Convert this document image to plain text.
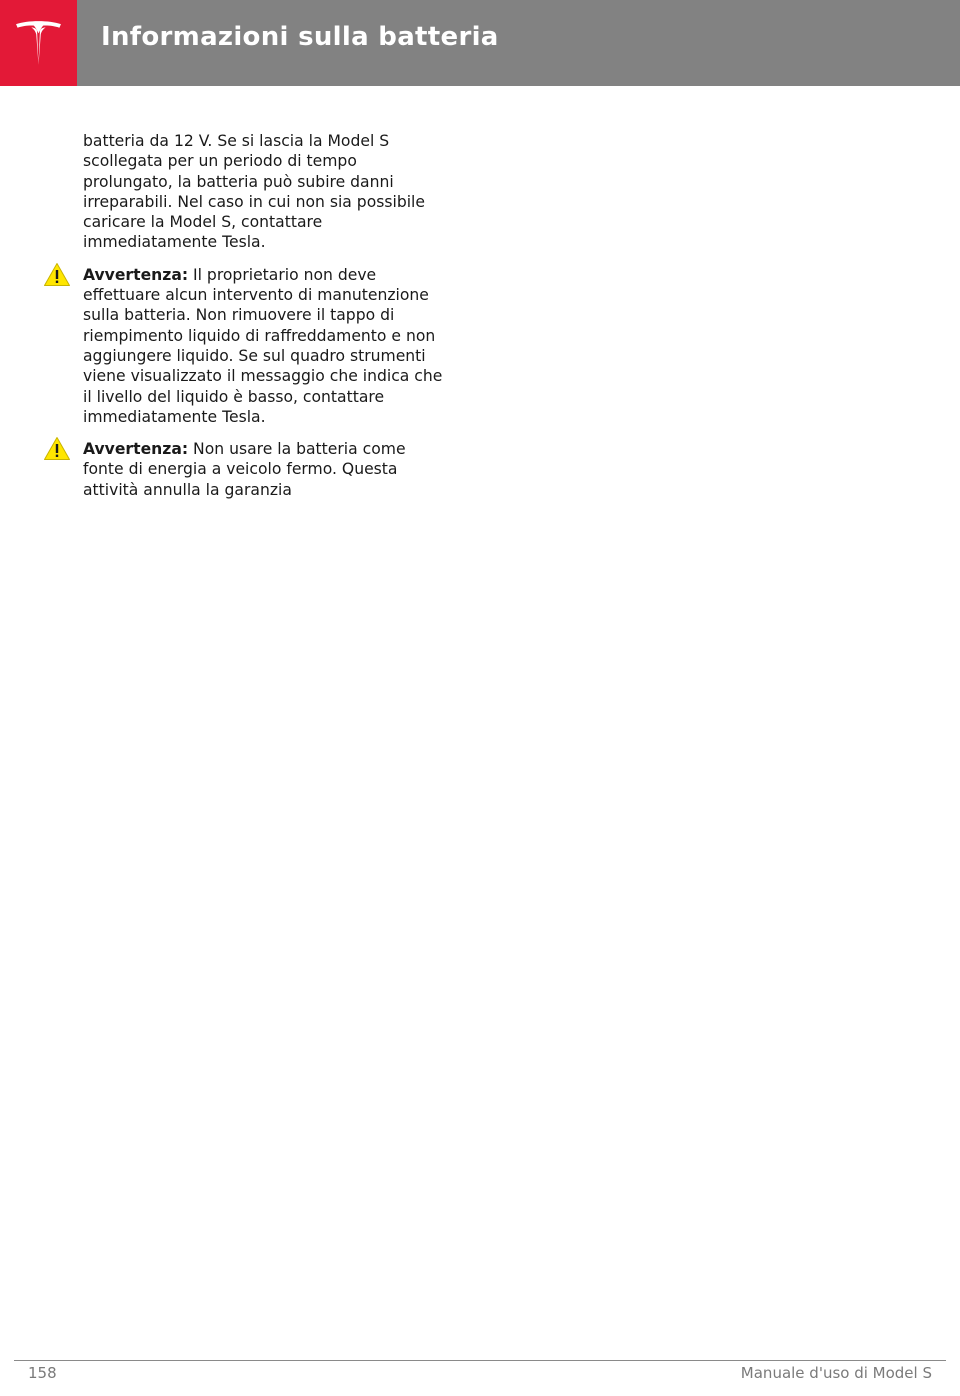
Informazioni sulla batteria

batteria da 12 V. Se si lascia la Model S scollegata per un periodo di tempo prolungato, la batteria può subire danni irreparabili. Nel caso in cui non sia possibile caricare la Model S, contattare immediatamente Tesla.

Avvertenza: Il proprietario non deve effettuare alcun intervento di manutenzione sulla batteria. Non rimuovere il tappo di riempimento liquido di raffreddamento e non aggiungere liquido. Se sul quadro strumenti viene visualizzato il messaggio che indica che il livello del liquido è basso, contattare immediatamente Tesla.
Avvertenza: Non usare la batteria come fonte di energia a veicolo fermo. Questa attività annulla la garanzia
158	Manuale d'uso di Model S
